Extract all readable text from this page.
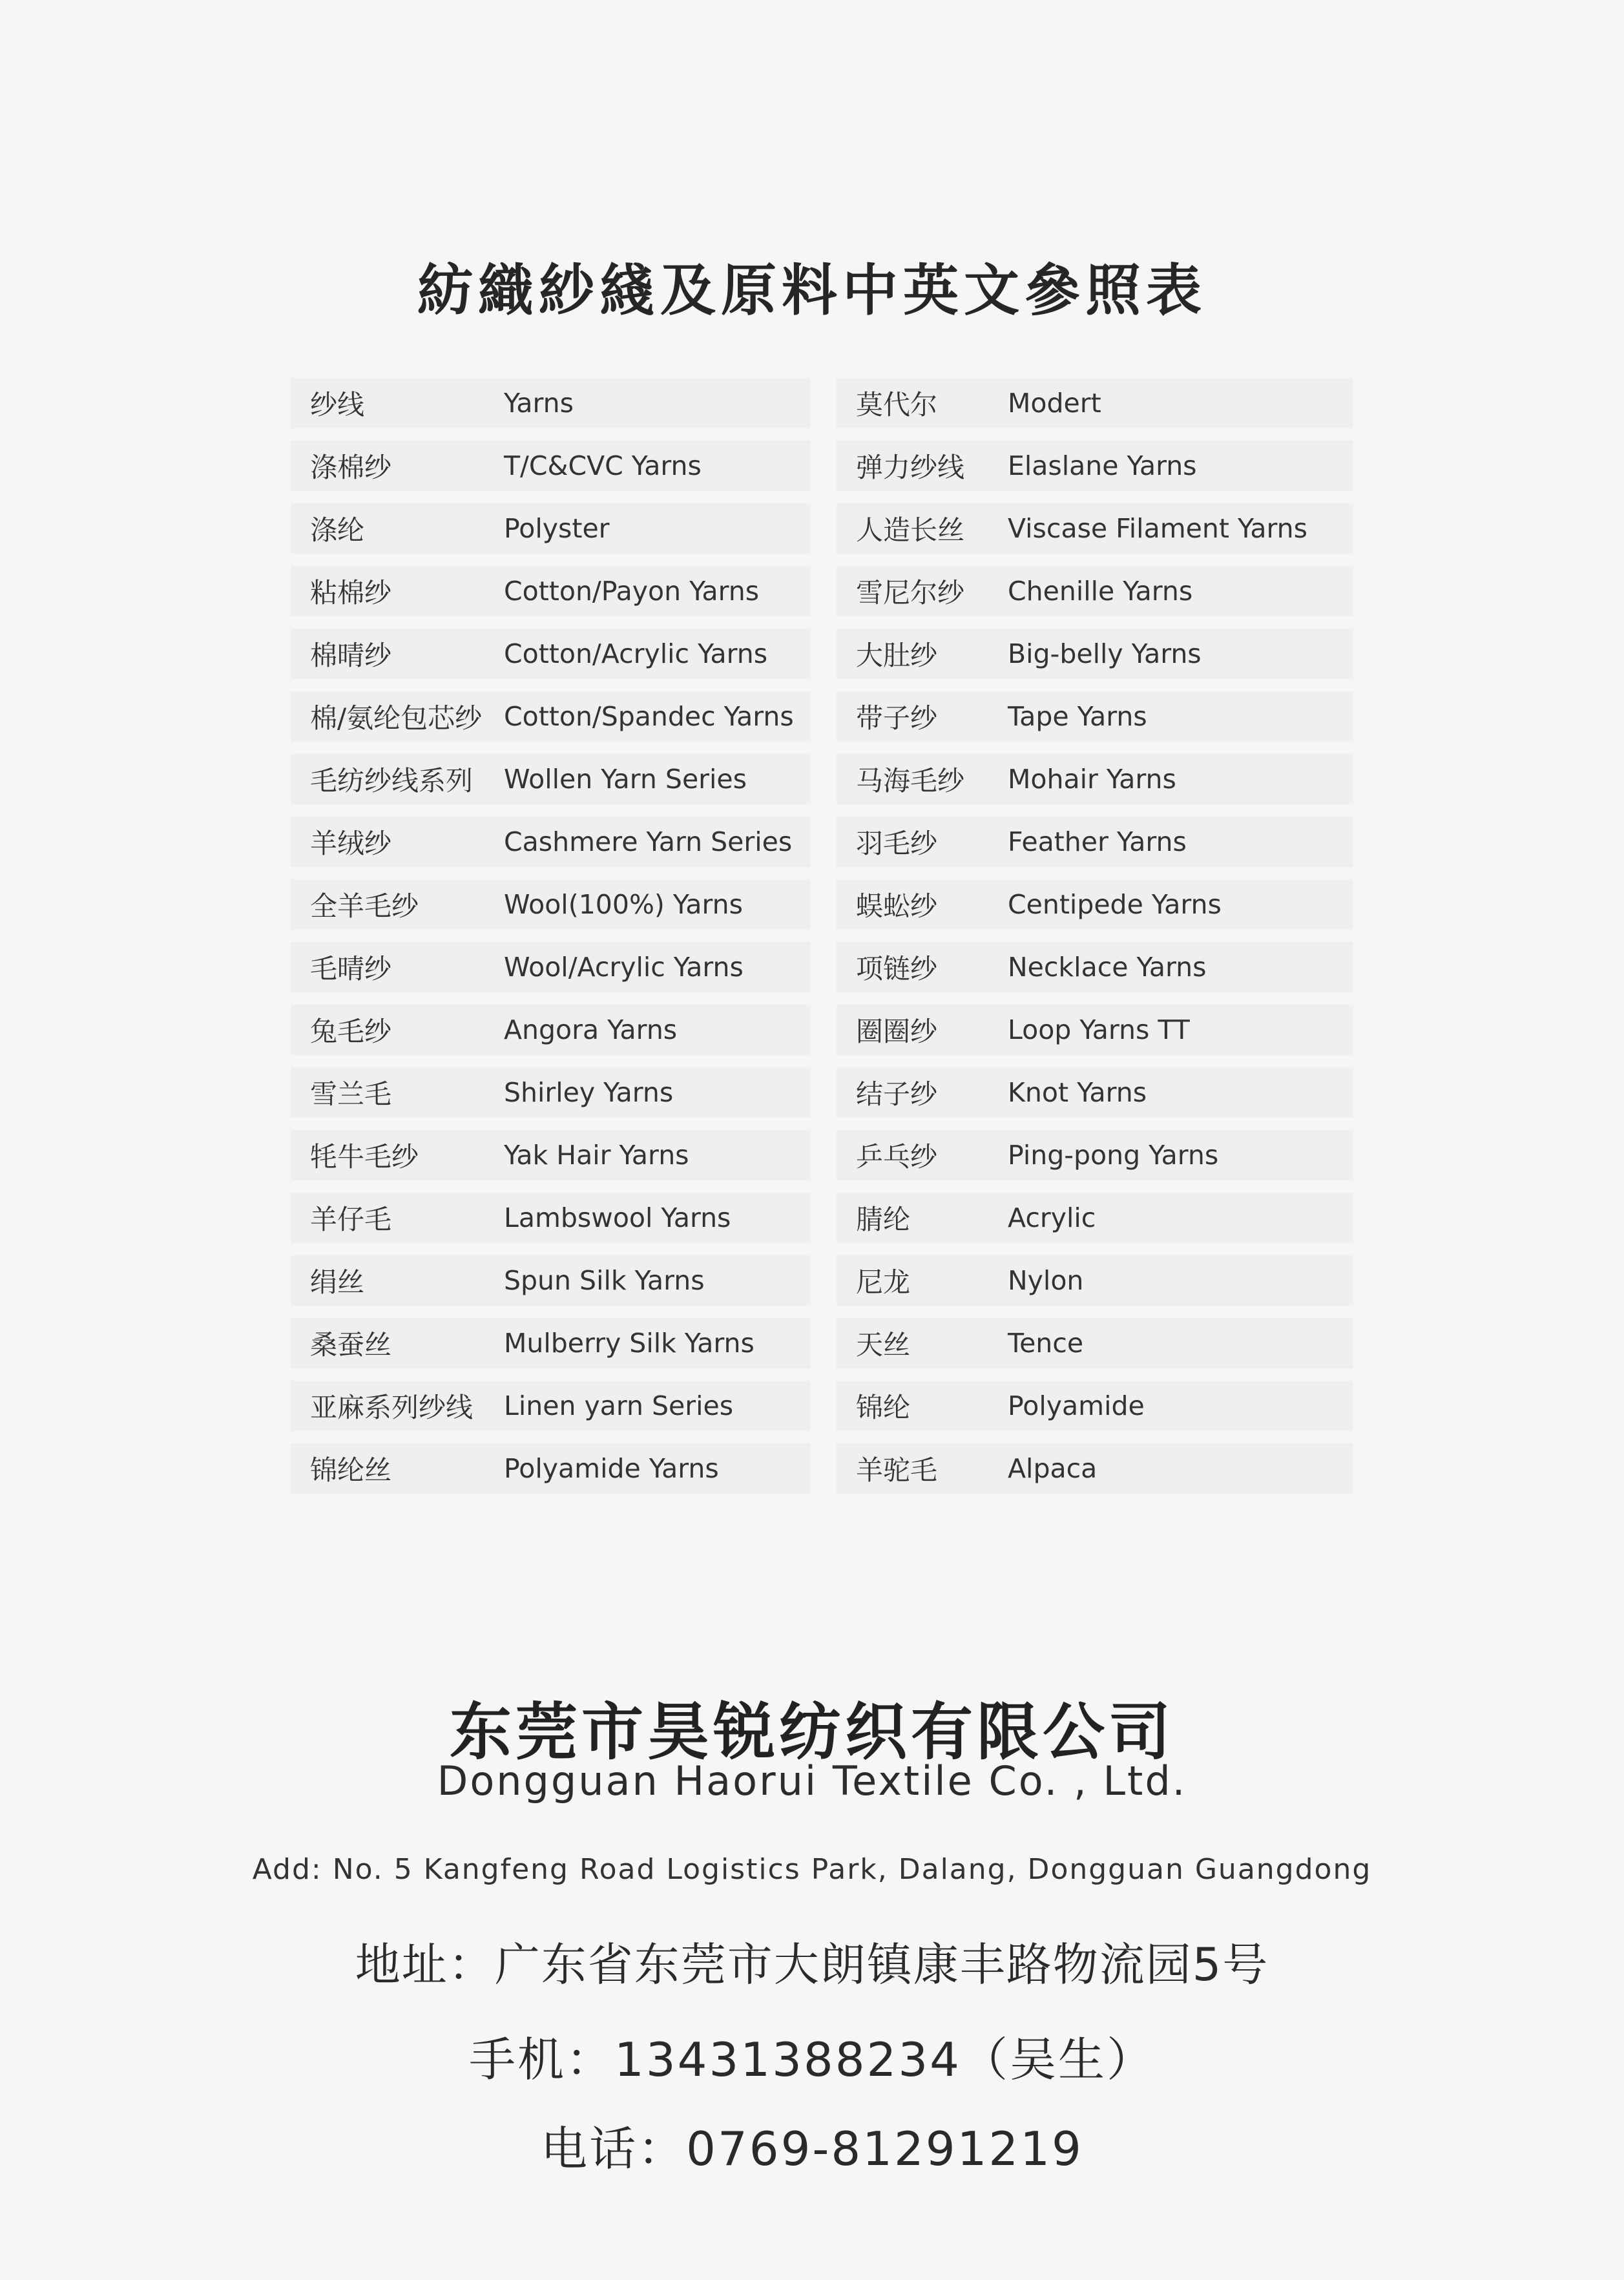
紡織紗綫及原料中英文參照表
纱线	Yarns
涤棉纱	T/C&CVC Yarns
涤纶	Polyster
粘棉纱	Cotton/Payon Yarns
棉晴纱	Cotton/Acrylic Yarns
棉/氨纶包芯纱 Cotton/Spandec Yarns
毛纺纱线系列	Wollen Yarn Series
羊绒纱	Cashmere Yarn Series
全羊毛纱	Wool(100%) Yarns
毛晴纱	Wool/Acrylic Yarns
兔毛纱	Angora Yarns
雪兰毛	Shirley Yarns
牦牛毛纱	Yak Hair Yarns
羊仔毛	Lambswool Yarns
绢丝	Spun Silk Yarns
桑蚕丝	Mulberry Silk Yarns
亚麻系列纱线	Linen yarn Series
锦纶丝	Polyamide Yarns
莫代尔	Modert
弹力纱线	Elaslane Yarns
人造长丝	Viscase Filament Yarns
雪尼尔纱	Chenille Yarns
大肚纱	Big-belly Yarns
带子纱	Tape Yarns
马海毛纱	Mohair Yarns
羽毛纱	Feather Yarns
蜈蚣纱	Centipede Yarns
项链纱	Necklace Yarns
圈圈纱	Loop Yarns TT
结子纱	Knot Yarns
乒乓纱	Ping-pong Yarns
腈纶	Acrylic
尼龙	Nylon
天丝	Tence
锦纶	Polyamide
羊驼毛	Alpaca
东莞市昊锐纺织有限公司
Dongguan Haorui Textile Co. , Ltd.
Add: No. 5 Kangfeng Road Logistics Park, Dalang, Dongguan Guangdong
地址：广东省东莞市大朗镇康丰路物流园5号
手机：13431388234（吴生）
电话：0769-81291219
